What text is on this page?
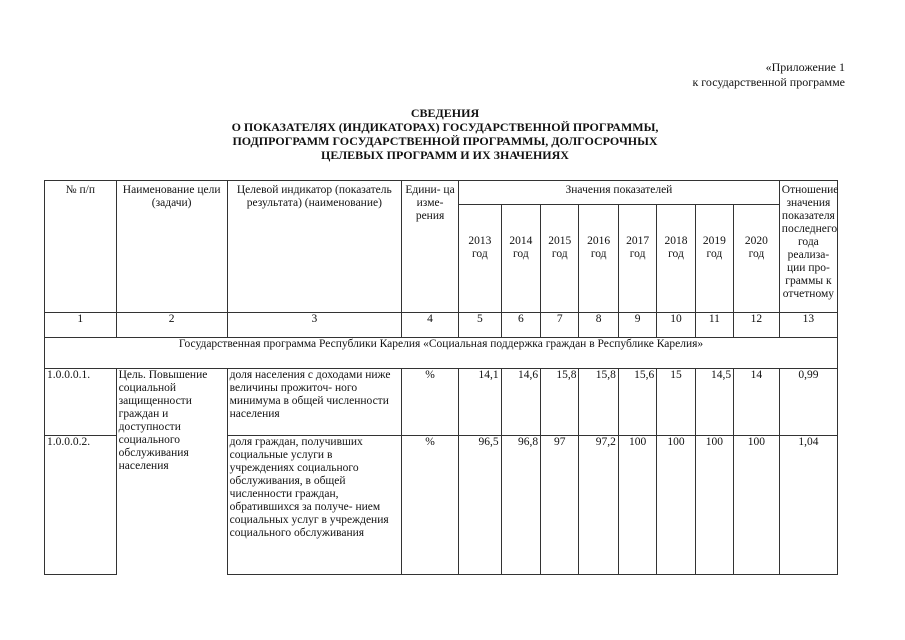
«Приложение 1
к государственной программе
СВЕДЕНИЯ
О ПОКАЗАТЕЛЯХ (ИНДИКАТОРАХ) ГОСУДАРСТВЕННОЙ ПРОГРАММЫ,
ПОДПРОГРАММ ГОСУДАРСТВЕННОЙ ПРОГРАММЫ, ДОЛГОСРОЧНЫХ
ЦЕЛЕВЫХ ПРОГРАММ И ИХ ЗНАЧЕНИЯХ
№ п/п	Наименование цели (задачи)	Целевой индикатор (показатель результата) (наименование)	Едини- ца изме- рения	Значения показателей								Отношение значения показателя последнего года реализа- ции про- граммы к отчетному
				2013 год	2014 год	2015 год	2016 год	2017 год	2018 год	2019 год	2020 год	
1	2	3	4	5	6	7	8	9	10	11	12	13
Государственная программа Республики Карелия «Социальная поддержка граждан в Республике Карелия»												
1.0.0.0.1.	Цель. Повышение социальной защищенности граждан и доступности социального обслуживания населения	доля населения с доходами ниже величины прожиточ- ного минимума в общей численности населения	%	14,1	14,6	15,8	15,8	15,6	15	14,5	14	0,99
1.0.0.0.2.		доля граждан, получивших социальные услуги в учреждениях социального обслуживания, в общей численности граждан, обратившихся за получе- нием социальных услуг в учреждения социального обслуживания	%	96,5	96,8	97	97,2	100	100	100	100	1,04
